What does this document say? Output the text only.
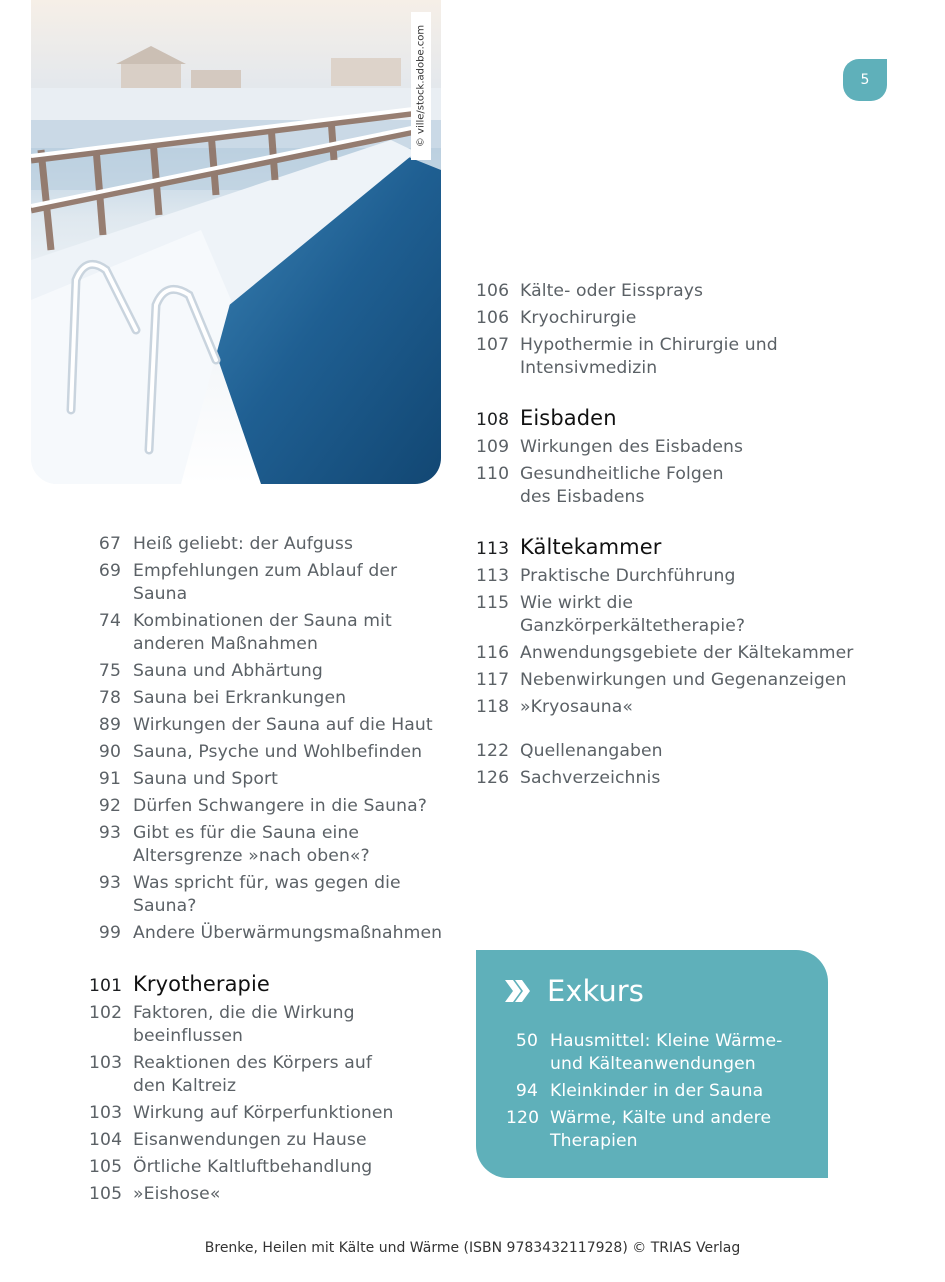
© ville/stock.adobe.com	5
67 Heiß geliebt: der Aufguss
69 Empfehlungen zum Ablauf der Sauna
74 Kombinationen der Sauna mit
anderen Maßnahmen
75 Sauna und Abhärtung
78 Sauna bei Erkrankungen
89 Wirkungen der Sauna auf die Haut
90 Sauna, Psyche und Wohlbefinden
91 Sauna und Sport
92 Dürfen Schwangere in die Sauna?
93 Gibt es für die Sauna eine
Altersgrenze »nach oben«?
93 Was spricht für, was gegen die
Sauna?
99 Andere Überwärmungsmaßnahmen
101 Kryotherapie
102 Faktoren, die die Wirkung
beeinflussen
103 Reaktionen des Körpers auf
den Kaltreiz
103 Wirkung auf Körperfunktionen
104 Eisanwendungen zu Hause
105 Örtliche Kaltluftbehandlung
105 »Eishose«
106 Kälte- oder Eissprays
106 Kryochirurgie
107 Hypothermie in Chirurgie und
Intensivmedizin
108 Eisbaden
109 Wirkungen des Eisbadens
110 Gesundheitliche Folgen
des Eisbadens
113 Kältekammer
113 Praktische Durchführung
115 Wie wirkt die
Ganzkörperkältetherapie?
116 Anwendungsgebiete der Kältekammer
117 Nebenwirkungen und Gegenanzeigen
118 »Kryosauna«
122 Quellenangaben
126 Sachverzeichnis
Exkurs
50 Hausmittel: Kleine Wärme-
und Kälteanwendungen
94 Kleinkinder in der Sauna
120 Wärme, Kälte und andere
Therapien
Brenke, Heilen mit Kälte und Wärme (ISBN 9783432117928) © TRIAS Verlag
